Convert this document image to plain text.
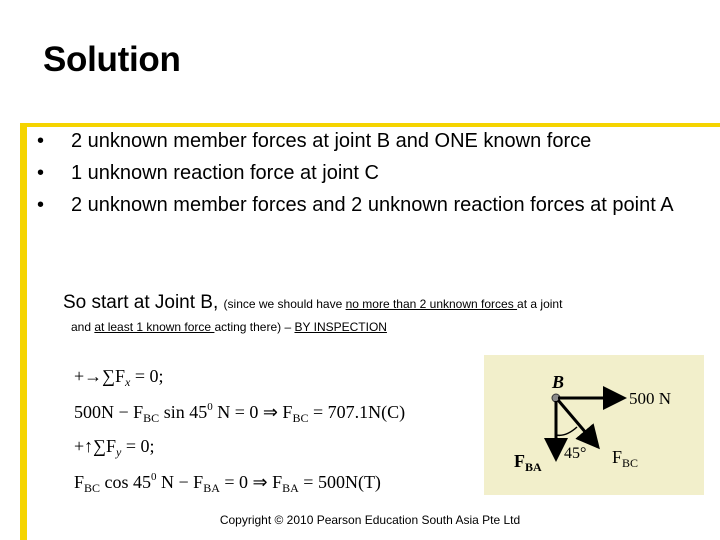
Solution
• 2 unknown member forces at joint B and ONE known force
• 1 unknown reaction force at joint C
• 2 unknown member forces and 2 unknown reaction forces at point A
So start at Joint B, (since we should have no more than 2 unknown forces at a joint
and at least 1 known force acting there) – BY INSPECTION
$+\to\sum F_x = 0$;
$500N - F_{BC}$ $\sin 45^0$ N = 0 ⇒ $F_{BC} = 707.1N(C)$
$+↑\sum F_y = 0$;
$F_{BC}$ $\cos 45^0$ $N - F_{BA} = 0$ ⇒ $F_{BA} = 500N(T)$
B
500 N
45°
$F_{BA}$	$F_{BC}$
Copyright © 2010 Pearson Education South Asia Pte Ltd
